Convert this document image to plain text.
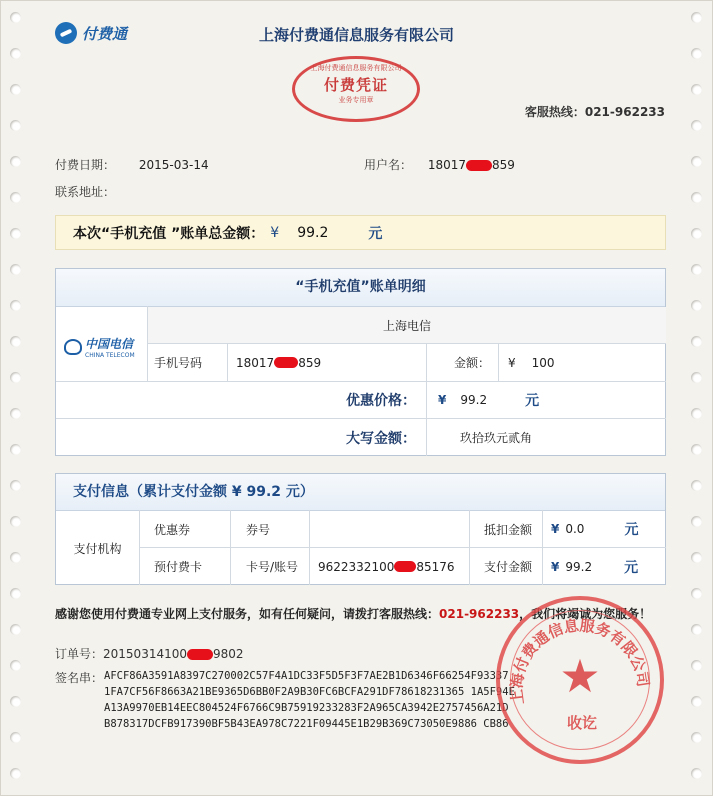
付费通	上海付费通信息服务有限公司
上海付费通信息服务有限公司
付费凭证
业务专用章
客服热线：021-962233
付费日期： 2015-03-14	用户名： 18017 859
联系地址：
本次“手机充值 ”账单总金额： ¥ 99.2	元
“手机充值”账单明细
中国电信
CHINA TELECOM
上海电信
手机号码	18017 859	金额：	¥ 100
优惠价格： ¥ 99.2	元
大写金额：	玖拾玖元贰角
支付信息（累计支付金额 ¥ 99.2 元）
支付机构
优惠券	券号	抵扣金额	¥ 0.0	元
预付费卡	卡号/账号	9622332100 85176 支付金额	¥ 99.2 元
感谢您使用付费通专业网上支付服务，如有任何疑问，请拨打客服热线：021-962233，我们将竭诚为您服务！
订单号：20150314100 9802
签名串： AFCF86A3591A8397C270002C57F4A1DC33F5D5F3F7AE2B1D6346F66254F93337
1FA7CF56F8663A21BE9365D6BB0F2A9B30FC6BCFA291DF78618231365 1A5F94E
A13A9970EB14EEC804524F6766C9B75919233283F2A965CA3942E2757456A21D
B878317DCFB917390BF5B43EA978C7221F09445E1B29B369C73050E9886 CB86
上海付费通信息服务有限公司
★
收讫
